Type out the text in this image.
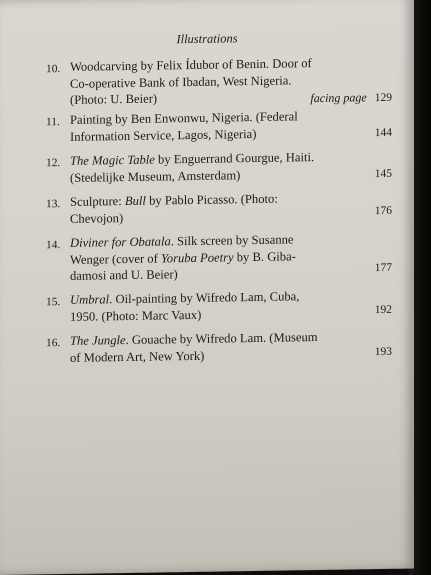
Illustrations
10. Woodcarving by Felix Ídubor of Benin. Door of
Co-operative Bank of Ibadan, West Nigeria.
(Photo: U. Beier)	facing page 129
11. Painting by Ben Enwonwu, Nigeria. (Federal
Information Service, Lagos, Nigeria)	144
12. The Magic Table by Enguerrand Gourgue, Haiti.
(Stedelijke Museum, Amsterdam)	145
13. Sculpture: Bull by Pablo Picasso. (Photo:
Chevojon)	176
14. Diviner for Obatala. Silk screen by Susanne
Wenger (cover of Yoruba Poetry by B. Giba-
damosi and U. Beier)	177
15. Umbral. Oil-painting by Wifredo Lam, Cuba,
1950. (Photo: Marc Vaux)	192
16. The Jungle. Gouache by Wifredo Lam. (Museum
of Modern Art, New York)	193
